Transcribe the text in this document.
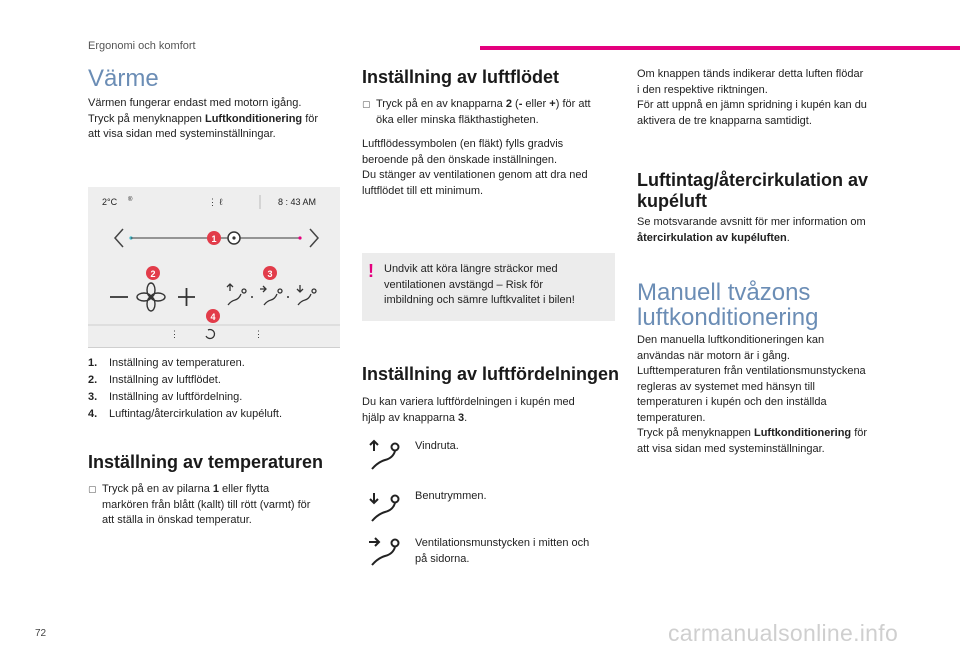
Ergonomi och komfort
72	carmanualsonline.info
Värme

Värmen fungerar endast med motorn igång.

Tryck på menyknappen Luftkonditionering för

att visa sidan med systeminställningar.

2°C ®	⋮ ℓ	8 : 43 AM
1
2	3
⋮	⋮
4
1.	Inställning av temperaturen.
2.	Inställning av luftflödet.
3.	Inställning av luftfördelning.
4.	Luftintag/återcirkulation av kupéluft.
Inställning av temperaturen
▢ Tryck på en av pilarna 1 eller flytta
markören från blått (kallt) till rött (varmt) för
att ställa in önskad temperatur.
Inställning av luftflödet
▢ Tryck på en av knapparna 2 (- eller +) för att
öka eller minska fläkthastigheten.

Luftflödessymbolen (en fläkt) fylls gradvis

beroende på den önskade inställningen.

Du stänger av ventilationen genom att dra ned

luftflödet till ett minimum.

! Undvik att köra längre sträckor med
ventilationen avstängd – Risk för
imbildning och sämre luftkvalitet i bilen!
Inställning av luftfördelningen

Du kan variera luftfördelningen i kupén med

hjälp av knapparna 3.

Vindruta.
Benutrymmen.
Ventilationsmunstycken i mitten och
på sidorna.

Om knappen tänds indikerar detta luften flödar

i den respektive riktningen.

För att uppnå en jämn spridning i kupén kan du

aktivera de tre knapparna samtidigt.

Luftintag/återcirkulation av
kupéluft

Se motsvarande avsnitt för mer information om

återcirkulation av kupéluften.

Manuell tvåzons
luftkonditionering

Den manuella luftkonditioneringen kan

användas när motorn är i gång.

Lufttemperaturen från ventilationsmunstyckena

regleras av systemet med hänsyn till

temperaturen i kupén och den inställda

temperaturen.

Tryck på menyknappen Luftkonditionering för

att visa sidan med systeminställningar.
